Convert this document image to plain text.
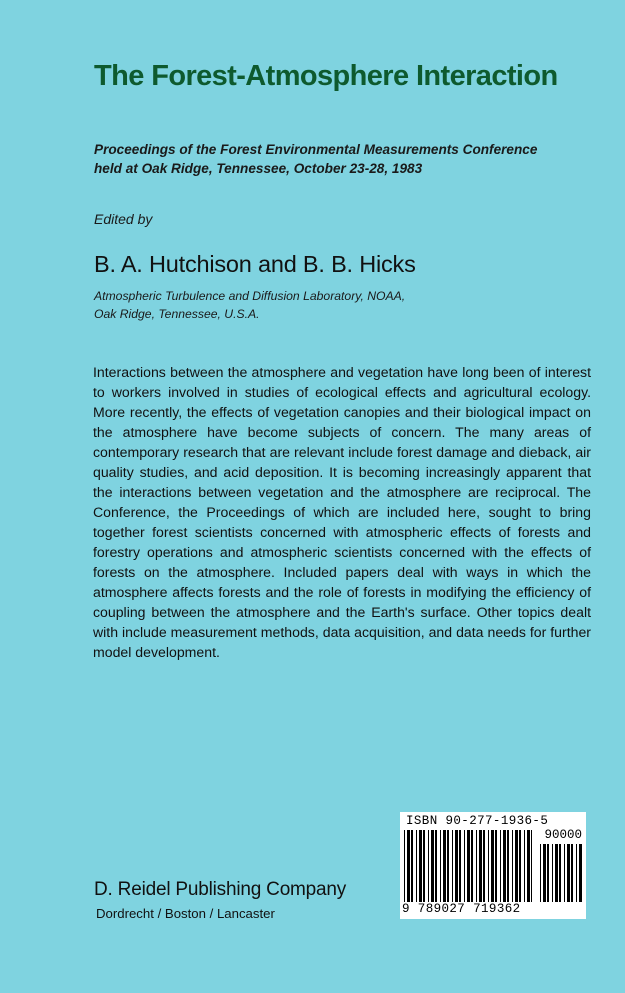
The Forest-Atmosphere Interaction
Proceedings of the Forest Environmental Measurements Conference
held at Oak Ridge, Tennessee, October 23-28, 1983
Edited by
B. A. Hutchison and B. B. Hicks
Atmospheric Turbulence and Diffusion Laboratory, NOAA,
Oak Ridge, Tennessee, U.S.A.

Interactions between the atmosphere and vegetation have long been of interest to workers involved in studies of ecological effects and agricultural ecology. More recently, the effects of vegetation canopies and their biological impact on the atmosphere have become subjects of concern. The many areas of contemporary research that are relevant include forest damage and dieback, air quality studies, and acid deposition. It is becoming increasingly apparent that the interactions between vegetation and the atmosphere are reciprocal. The Conference, the Proceedings of which are included here, sought to bring together forest scientists concerned with atmospheric effects of forests and forestry operations and atmospheric scientists concerned with the effects of forests on the atmosphere. Included papers deal with ways in which the atmosphere affects forests and the role of forests in modifying the efficiency of coupling between the atmosphere and the Earth's surface. Other topics dealt with include measurement methods, data acquisition, and data needs for further model development.

D. Reidel Publishing Company
Dordrecht / Boston / Lancaster
ISBN 90-277-1936-5
90000
9 789027 719362
